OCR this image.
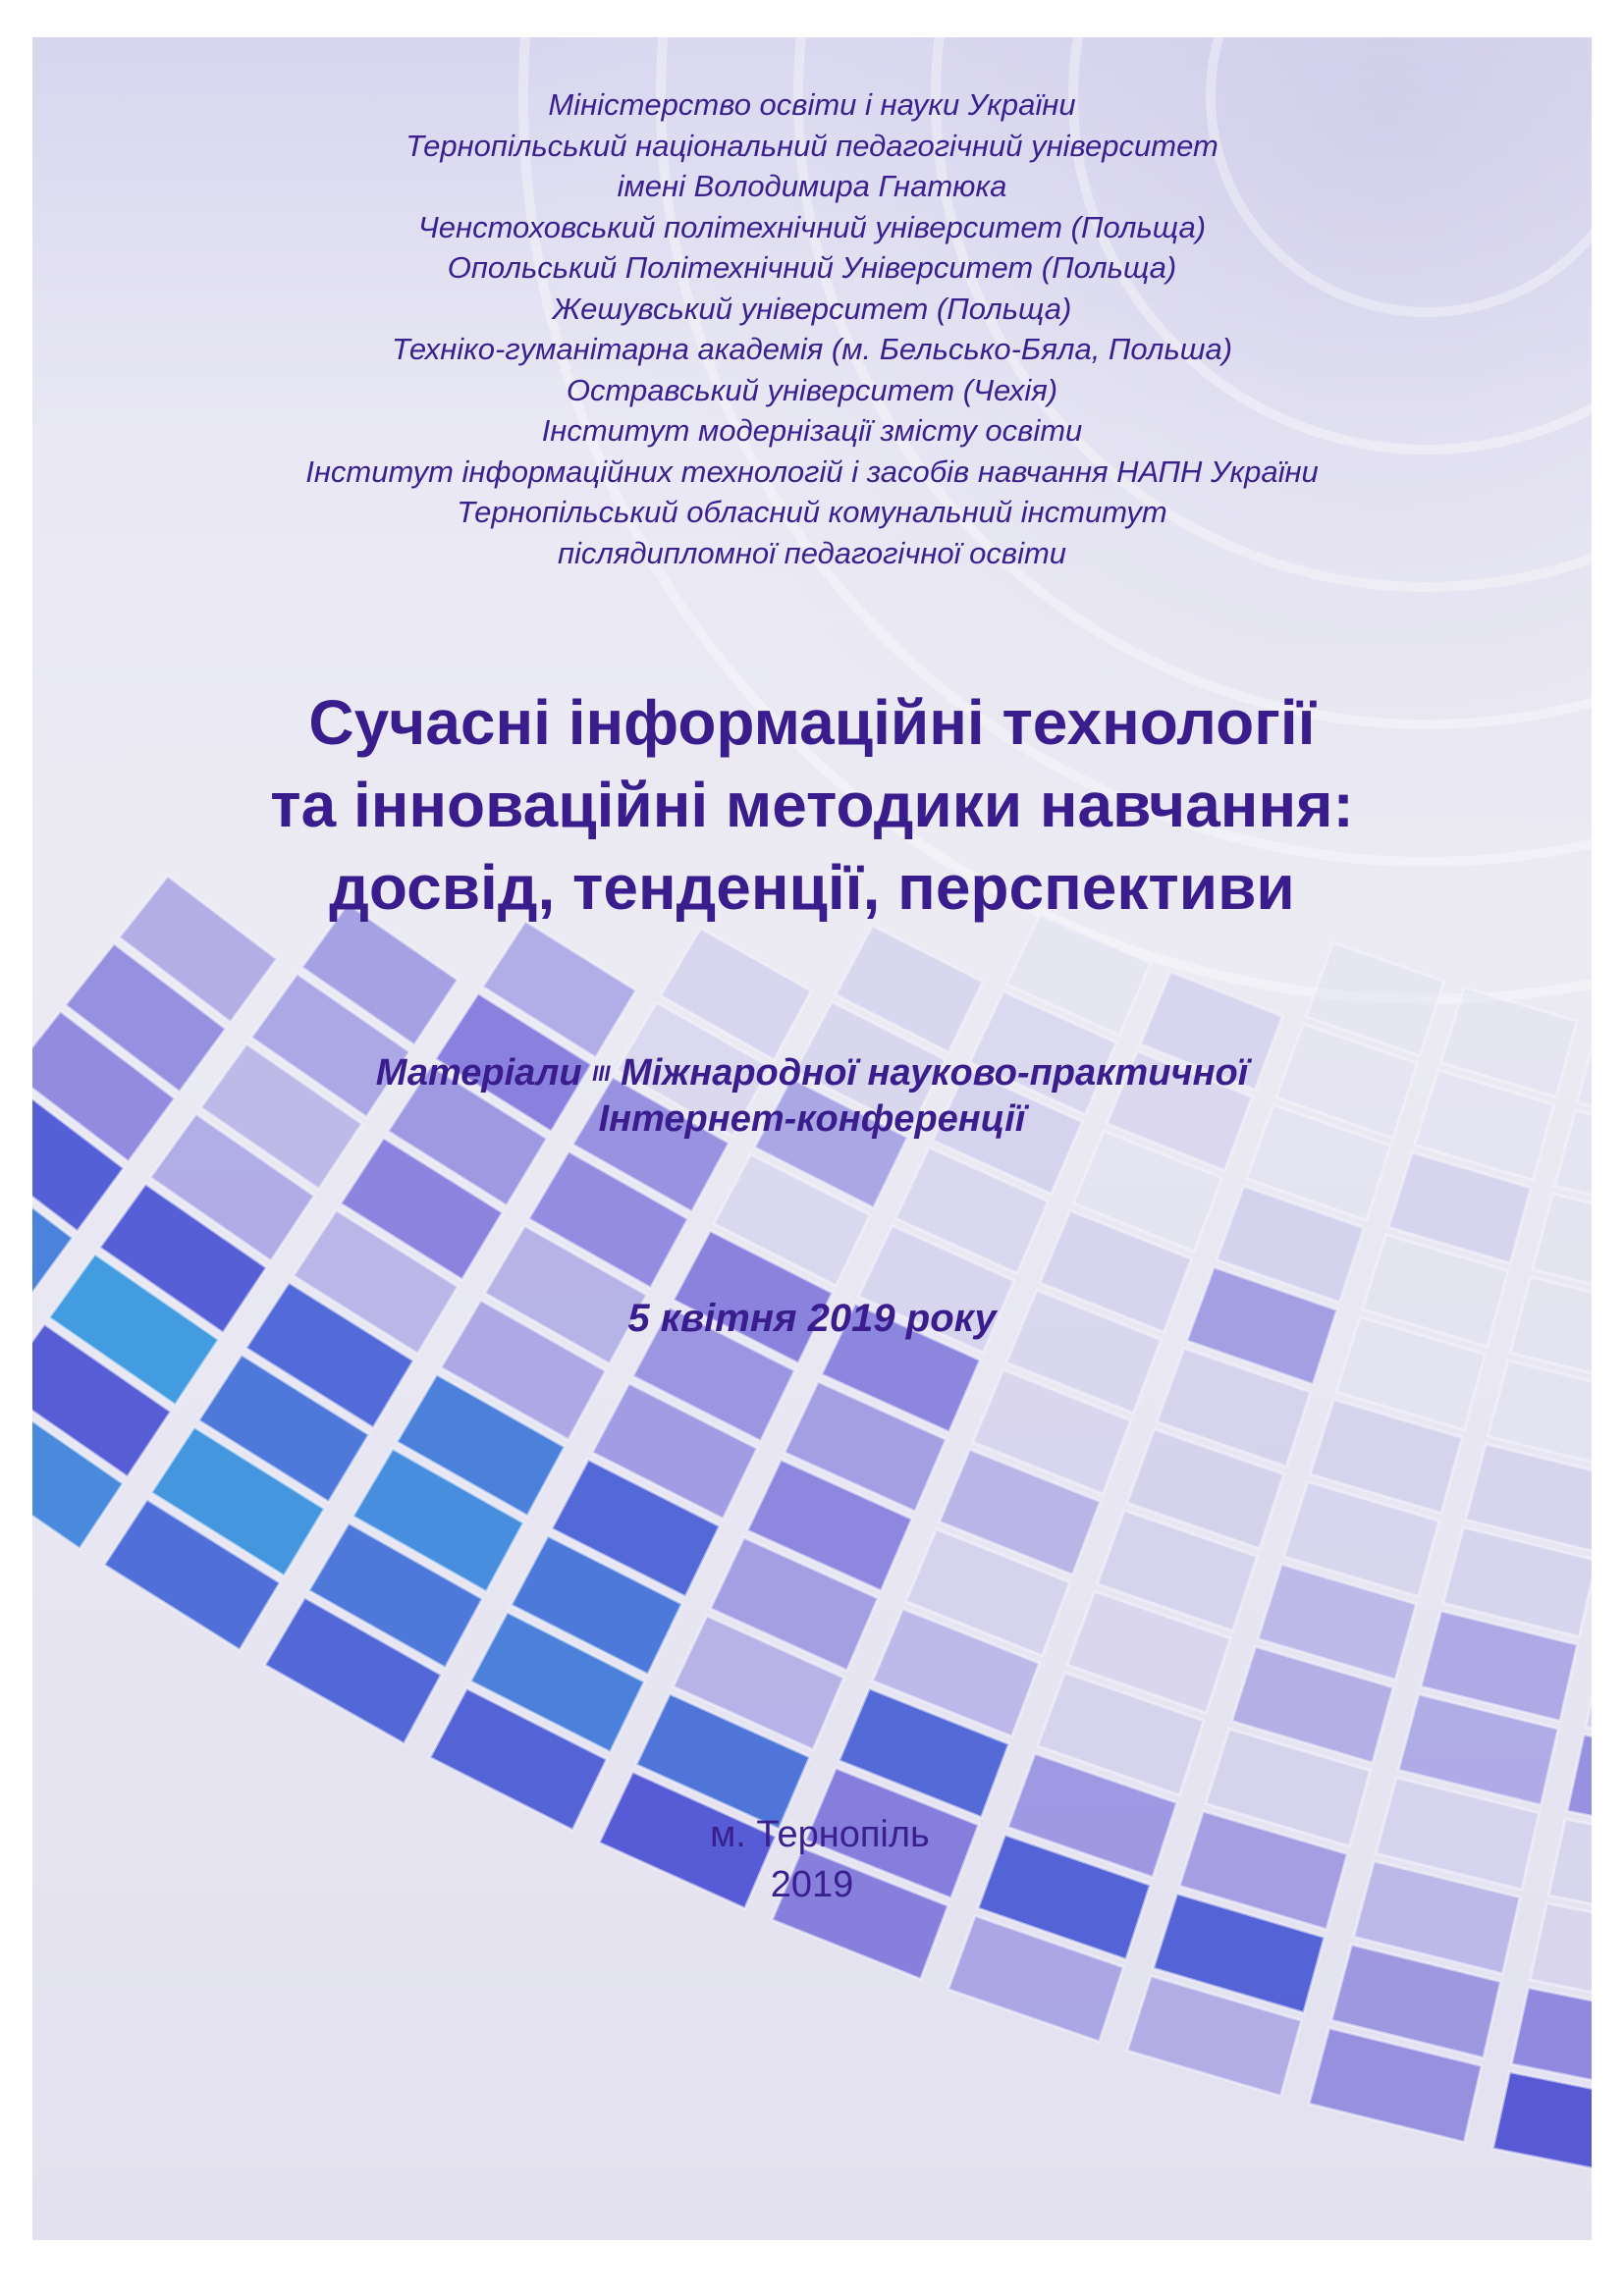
Міністерство освіти і науки України
Тернопільський національний педагогічний університет
імені Володимира Гнатюка
Ченстоховський політехнічний університет (Польща)
Опольський Політехнічний Університет (Польща)
Жешувський університет (Польща)
Техніко-гуманітарна академія (м. Бельсько-Бяла, Польша)
Остравський університет (Чехія)
Інститут модернізації змісту освіти
Інститут інформаційних технологій і засобів навчання НАПН України
Тернопільський обласний комунальний інститут
післядипломної педагогічної освіти
Сучасні інформаційні технології
та інноваційні методики навчання:
досвід, тенденції, перспективи
Матеріали III Міжнародної науково-практичної
Інтернет-конференції
5 квітня 2019 року
м. Тернопіль
2019
